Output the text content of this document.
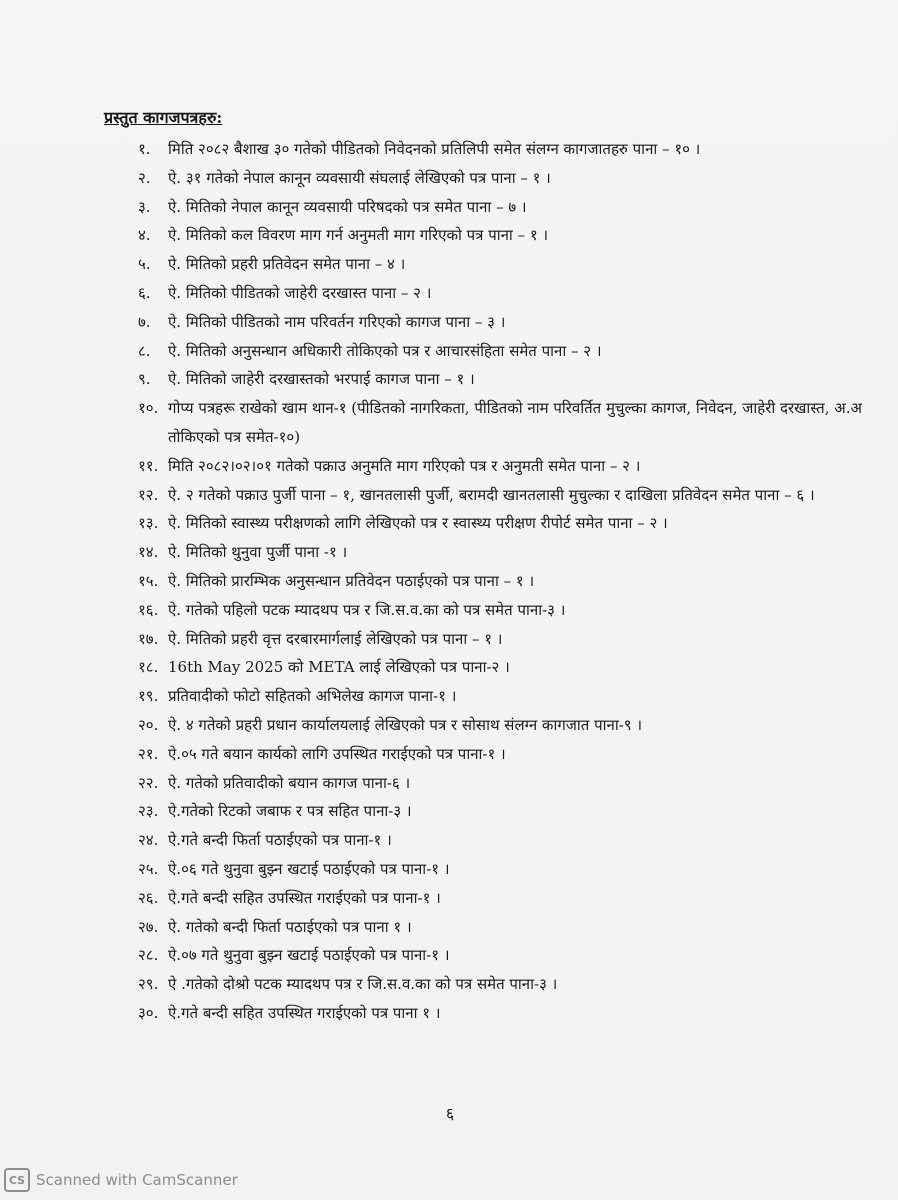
प्रस्तुत कागजपत्रहरु:
१.	मिति २०८२ बैशाख ३० गतेको पीडितको निवेदनको प्रतिलिपी समेत संलग्न कागजातहरु पाना – १० ।
२.	ऐ. ३१ गतेको नेपाल कानून व्यवसायी संघलाई लेखिएको पत्र पाना – १ ।
३.	ऐ. मितिको नेपाल कानून व्यवसायी परिषदको पत्र समेत पाना – ७ ।
४.	ऐ. मितिको कल विवरण माग गर्न अनुमती माग गरिएको पत्र पाना – १ ।
५.	ऐ. मितिको प्रहरी प्रतिवेदन समेत पाना – ४ ।
६.	ऐ. मितिको पीडितको जाहेरी दरखास्त पाना – २ ।
७.	ऐ. मितिको पीडितको नाम परिवर्तन गरिएको कागज पाना – ३ ।
८.	ऐ. मितिको अनुसन्धान अधिकारी तोकिएको पत्र र आचारसंहिता समेत पाना – २ ।
९.	ऐ. मितिको जाहेरी दरखास्तको भरपाई कागज पाना – १ ।
१०. गोप्य पत्रहरू राखेको खाम थान-१ (पीडितको नागरिकता, पीडितको नाम परिवर्तित मुचुल्का कागज, निवेदन, जाहेरी दरखास्त, अ.अ तोकिएको पत्र समेत-१०)
११. मिति २०८२।०२।०१ गतेको पक्राउ अनुमति माग गरिएको पत्र र अनुमती समेत पाना – २ ।
१२. ऐ. २ गतेको पक्राउ पुर्जी पाना – १, खानतलासी पुर्जी, बरामदी खानतलासी मुचुल्का र दाखिला प्रतिवेदन समेत पाना – ६ ।
१३. ऐ. मितिको स्वास्थ्य परीक्षणको लागि लेखिएको पत्र र स्वास्थ्य परीक्षण रीपोर्ट समेत पाना – २ ।
१४. ऐ. मितिको थुनुवा पुर्जी पाना -१ ।
१५. ऐ. मितिको प्रारम्भिक अनुसन्धान प्रतिवेदन पठाईएको पत्र पाना – १ ।
१६. ऐ. गतेको पहिलो पटक म्यादथप पत्र र जि.स.व.का को पत्र समेत पाना-३ ।
१७. ऐ. मितिको प्रहरी वृत्त दरबारमार्गलाई लेखिएको पत्र पाना – १ ।
१८. 16th May 2025 को META लाई लेखिएको पत्र पाना-२ ।
१९. प्रतिवादीको फोटो सहितको अभिलेख कागज पाना-१ ।
२०. ऐ. ४ गतेको प्रहरी प्रधान कार्यालयलाई लेखिएको पत्र र सोसाथ संलग्न कागजात पाना-९ ।
२१. ऐ.०५ गते बयान कार्यको लागि उपस्थित गराईएको पत्र पाना-१ ।
२२. ऐ. गतेको प्रतिवादीको बयान कागज पाना-६ ।
२३. ऐ.गतेको रिटको जबाफ र पत्र सहित पाना-३ ।
२४. ऐ.गते बन्दी फिर्ता पठाईएको पत्र पाना-१ ।
२५. ऐ.०६ गते थुनुवा बुझ्न खटाई पठाईएको पत्र पाना-१ ।
२६. ऐ.गते बन्दी सहित उपस्थित गराईएको पत्र पाना-१ ।
२७. ऐ. गतेको बन्दी फिर्ता पठाईएको पत्र पाना १ ।
२८. ऐ.०७ गते थुनुवा बुझ्न खटाई पठाईएको पत्र पाना-१ ।
२९. ऐ .गतेको दोश्रो पटक म्यादथप पत्र र जि.स.व.का को पत्र समेत पाना-३ ।
३०. ऐ.गते बन्दी सहित उपस्थित गराईएको पत्र पाना १ ।
६
CS Scanned with CamScanner
